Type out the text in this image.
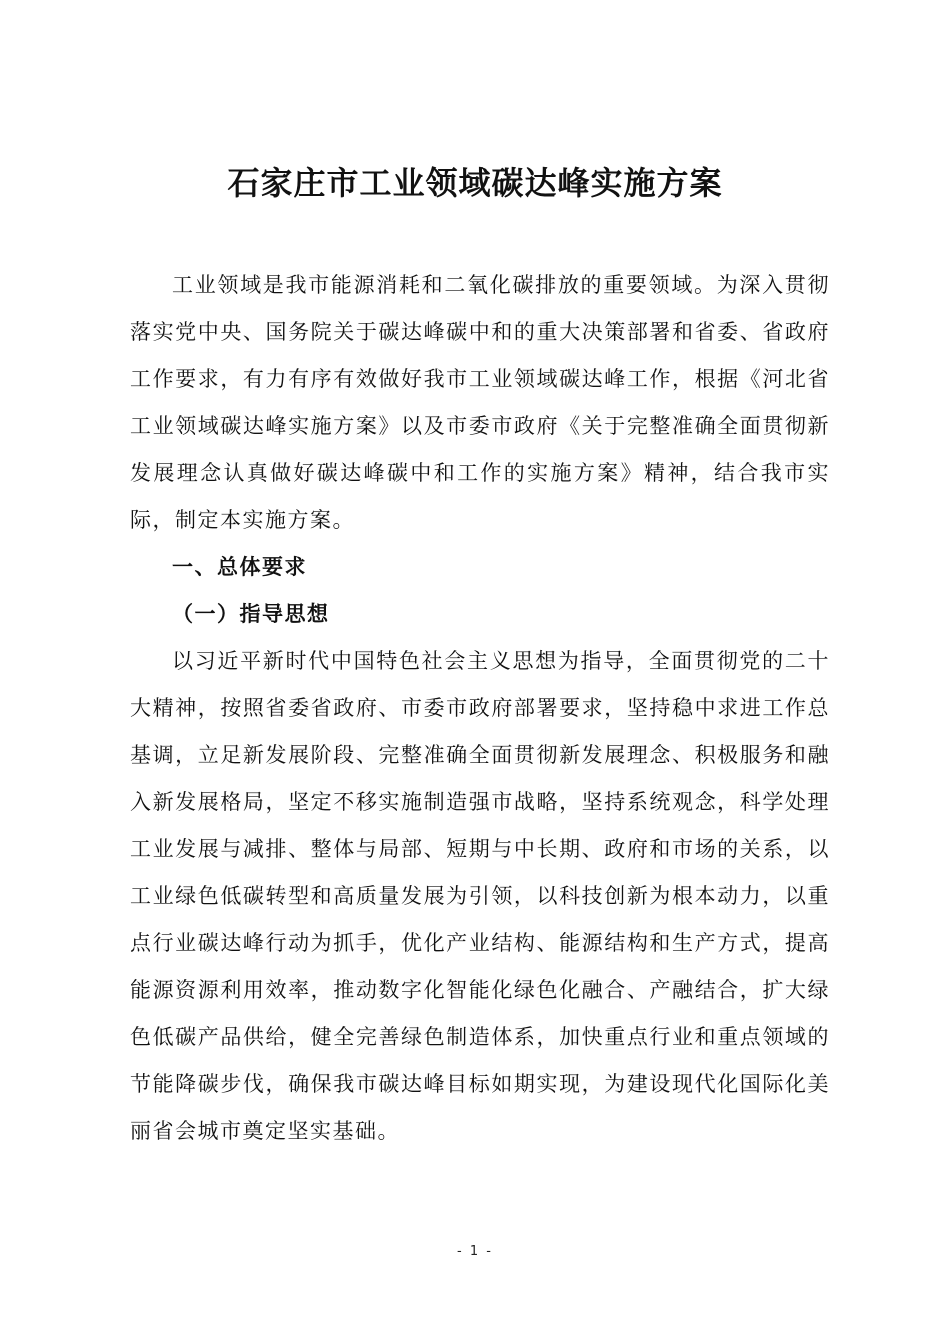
石家庄市工业领域碳达峰实施方案

工业领域是我市能源消耗和二氧化碳排放的重要领域。为深入贯彻落实党中央、国务院关于碳达峰碳中和的重大决策部署和省委、省政府工作要求，有力有序有效做好我市工业领域碳达峰工作，根据《河北省工业领域碳达峰实施方案》以及市委市政府《关于完整准确全面贯彻新发展理念认真做好碳达峰碳中和工作的实施方案》精神，结合我市实际，制定本实施方案。

一、总体要求

（一）指导思想

以习近平新时代中国特色社会主义思想为指导，全面贯彻党的二十大精神，按照省委省政府、市委市政府部署要求，坚持稳中求进工作总基调，立足新发展阶段、完整准确全面贯彻新发展理念、积极服务和融入新发展格局，坚定不移实施制造强市战略，坚持系统观念，科学处理工业发展与减排、整体与局部、短期与中长期、政府和市场的关系，以工业绿色低碳转型和高质量发展为引领，以科技创新为根本动力，以重点行业碳达峰行动为抓手，优化产业结构、能源结构和生产方式，提高能源资源利用效率，推动数字化智能化绿色化融合、产融结合，扩大绿色低碳产品供给，健全完善绿色制造体系，加快重点行业和重点领域的节能降碳步伐，确保我市碳达峰目标如期实现，为建设现代化国际化美丽省会城市奠定坚实基础。

- 1 -
